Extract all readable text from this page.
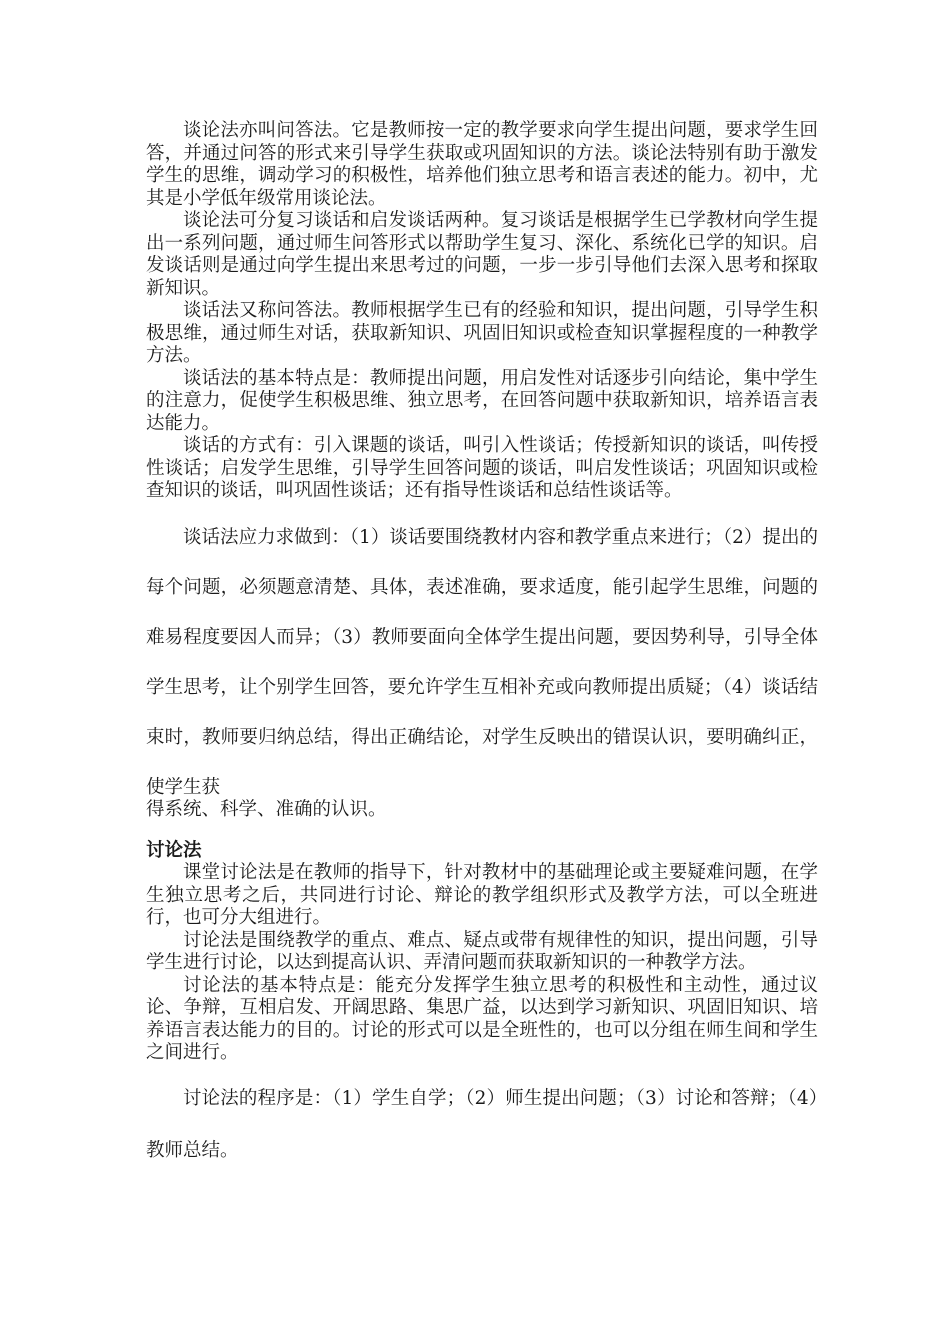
谈论法亦叫问答法。它是教师按一定的教学要求向学生提出问题，要求学生回答，并通过问答的形式来引导学生获取或巩固知识的方法。谈论法特别有助于激发学生的思维，调动学习的积极性，培养他们独立思考和语言表述的能力。初中，尤其是小学低年级常用谈论法。

谈论法可分复习谈话和启发谈话两种。复习谈话是根据学生已学教材向学生提出一系列问题，通过师生问答形式以帮助学生复习、深化、系统化已学的知识。启发谈话则是通过向学生提出来思考过的问题，一步一步引导他们去深入思考和探取新知识。

谈话法又称问答法。教师根据学生已有的经验和知识，提出问题，引导学生积极思维，通过师生对话，获取新知识、巩固旧知识或检查知识掌握程度的一种教学方法。

谈话法的基本特点是：教师提出问题，用启发性对话逐步引向结论，集中学生的注意力，促使学生积极思维、独立思考，在回答问题中获取新知识，培养语言表达能力。

谈话的方式有：引入课题的谈话，叫引入性谈话；传授新知识的谈话，叫传授性谈话；启发学生思维，引导学生回答问题的谈话，叫启发性谈话；巩固知识或检查知识的谈话，叫巩固性谈话；还有指导性谈话和总结性谈话等。

谈话法应力求做到：（1）谈话要围绕教材内容和教学重点来进行；（2）提出的每个问题，必须题意清楚、具体，表述准确，要求适度，能引起学生思维，问题的难易程度要因人而异；（3）教师要面向全体学生提出问题，要因势利导，引导全体学生思考，让个别学生回答，要允许学生互相补充或向教师提出质疑；（4）谈话结束时，教师要归纳总结，得出正确结论，对学生反映出的错误认识，要明确纠正，使学生获

得系统、科学、准确的认识。

讨论法

课堂讨论法是在教师的指导下，针对教材中的基础理论或主要疑难问题，在学生独立思考之后，共同进行讨论、辩论的教学组织形式及教学方法，可以全班进行，也可分大组进行。

讨论法是围绕教学的重点、难点、疑点或带有规律性的知识，提出问题，引导学生进行讨论，以达到提高认识、弄清问题而获取新知识的一种教学方法。

讨论法的基本特点是：能充分发挥学生独立思考的积极性和主动性，通过议论、争辩，互相启发、开阔思路、集思广益，以达到学习新知识、巩固旧知识、培养语言表达能力的目的。讨论的形式可以是全班性的，也可以分组在师生间和学生之间进行。

讨论法的程序是：（1）学生自学；（2）师生提出问题；（3）讨论和答辩；（4）教师总结。
